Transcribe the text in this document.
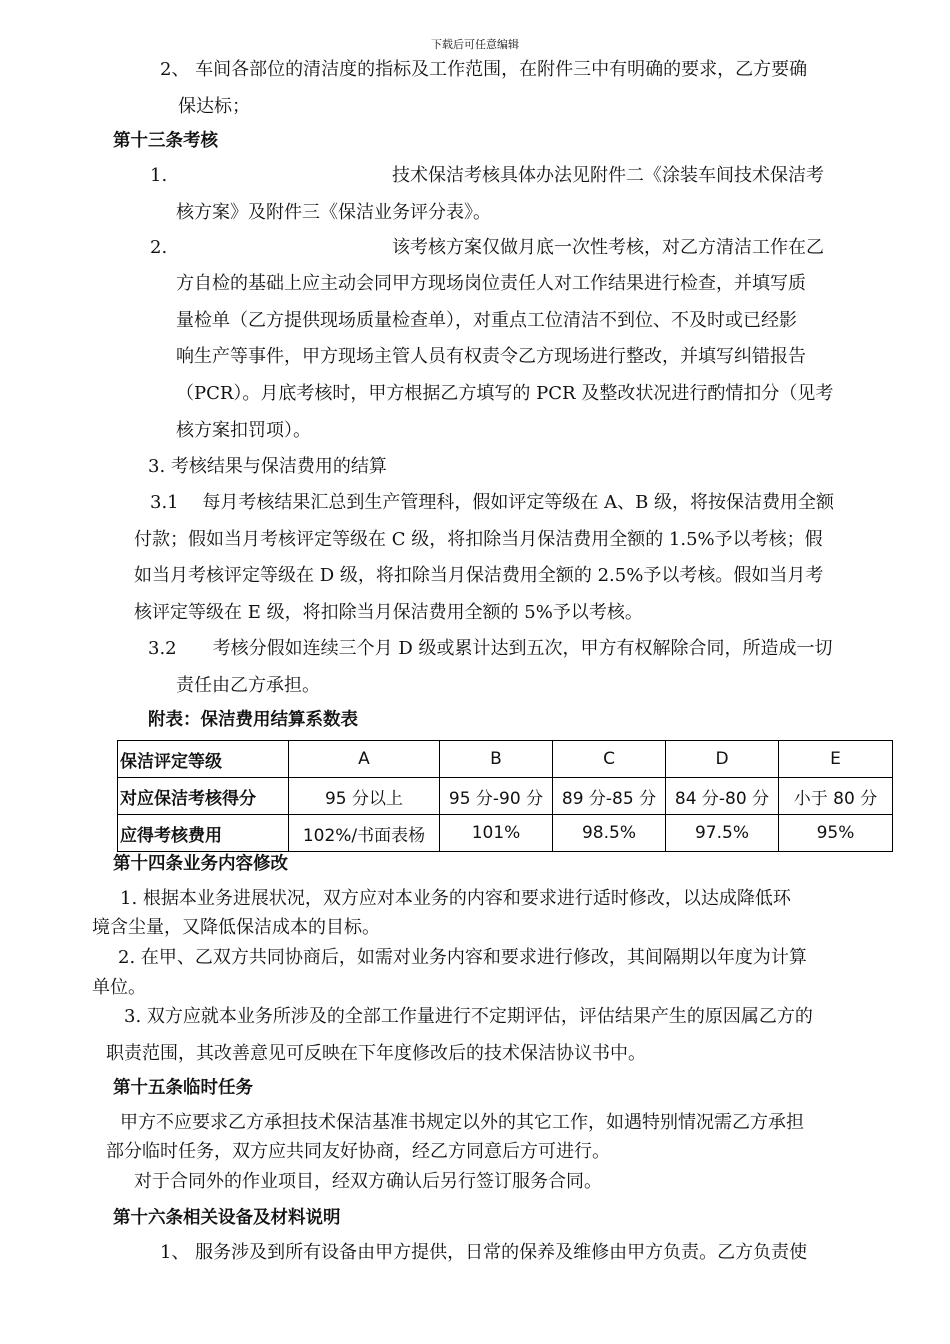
下载后可任意编辑
2、 车间各部位的清洁度的指标及工作范围，在附件三中有明确的要求，乙方要确
保达标；
第十三条考核
1.	技术保洁考核具体办法见附件二《涂装车间技术保洁考
核方案》及附件三《保洁业务评分表》。
2.	该考核方案仅做月底一次性考核，对乙方清洁工作在乙
方自检的基础上应主动会同甲方现场岗位责任人对工作结果进行检查，并填写质
量检单（乙方提供现场质量检查单），对重点工位清洁不到位、不及时或已经影
响生产等事件，甲方现场主管人员有权责令乙方现场进行整改，并填写纠错报告
（PCR）。月底考核时，甲方根据乙方填写的 PCR 及整改状况进行酌情扣分（见考
核方案扣罚项）。
3. 考核结果与保洁费用的结算
3.1　 每月考核结果汇总到生产管理科，假如评定等级在 A、B 级，将按保洁费用全额
付款；假如当月考核评定等级在 C 级，将扣除当月保洁费用全额的 1.5%予以考核；假
如当月考核评定等级在 D 级，将扣除当月保洁费用全额的 2.5%予以考核。假如当月考
核评定等级在 E 级，将扣除当月保洁费用全额的 5%予以考核。
3.2　　考核分假如连续三个月 D 级或累计达到五次，甲方有权解除合同，所造成一切
责任由乙方承担。
附表：保洁费用结算系数表
保洁评定等级	A	B	C	D	E
对应保洁考核得分	95 分以上	95 分-90 分	89 分-85 分	84 分-80 分	小于 80 分
应得考核费用	102%/书面表杨	101%	98.5%	97.5%	95%
第十四条业务内容修改
1. 根据本业务进展状况，双方应对本业务的内容和要求进行适时修改，以达成降低环
境含尘量，又降低保洁成本的目标。
2. 在甲、乙双方共同协商后，如需对业务内容和要求进行修改，其间隔期以年度为计算
单位。
3. 双方应就本业务所涉及的全部工作量进行不定期评估，评估结果产生的原因属乙方的
职责范围，其改善意见可反映在下年度修改后的技术保洁协议书中。
第十五条临时任务
甲方不应要求乙方承担技术保洁基准书规定以外的其它工作，如遇特别情况需乙方承担
部分临时任务，双方应共同友好协商，经乙方同意后方可进行。
对于合同外的作业项目，经双方确认后另行签订服务合同。
第十六条相关设备及材料说明
1、 服务涉及到所有设备由甲方提供，日常的保养及维修由甲方负责。乙方负责使
